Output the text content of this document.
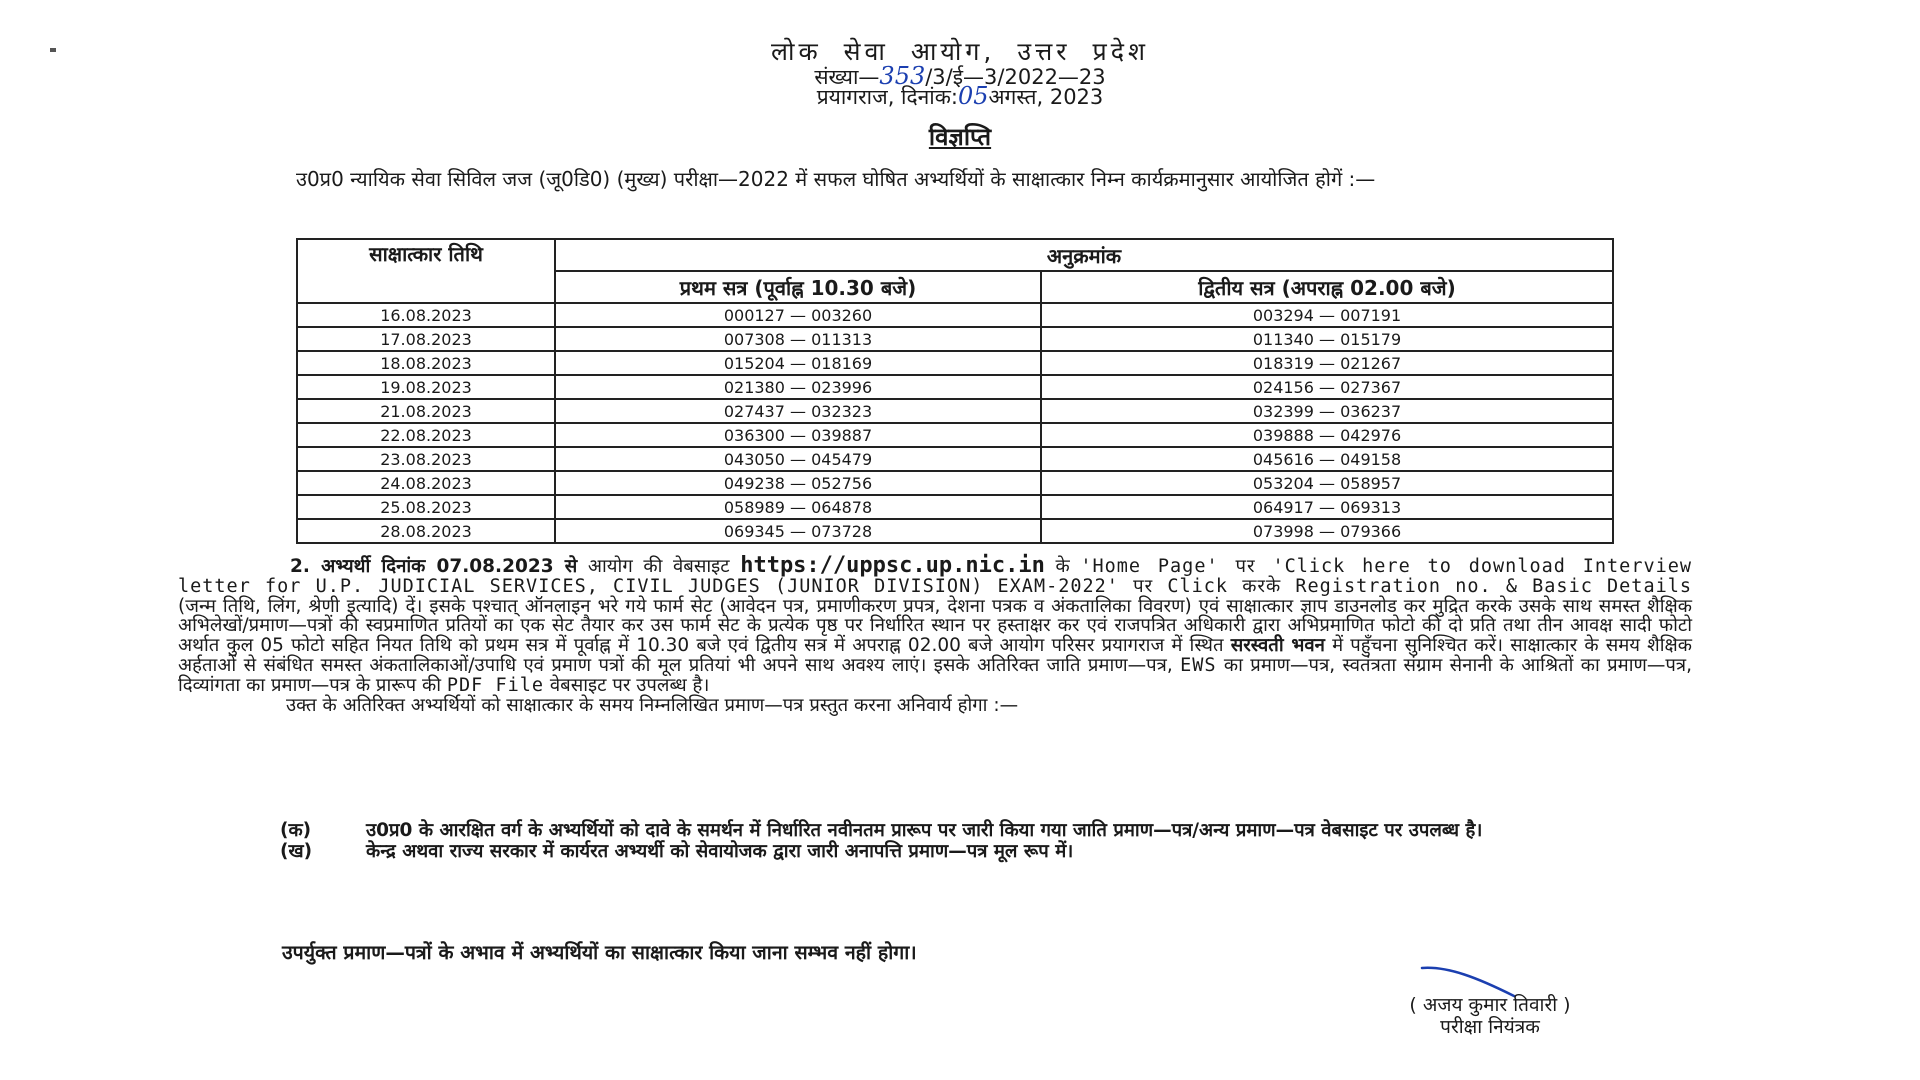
लोक सेवा आयोग, उत्तर प्रदेश
संख्या—353/3/ई—3/2022—23
प्रयागराज, दिनांक:05अगस्त, 2023
विज्ञप्ति
उ0प्र0 न्यायिक सेवा सिविल जज (जू0डि0) (मुख्य) परीक्षा—2022 में सफल घोषित अभ्यर्थियों के साक्षात्कार निम्न कार्यक्रमानुसार आयोजित होगें :—
साक्षात्कार तिथि	अनुक्रमांक	
	प्रथम सत्र (पूर्वाह्न 10.30 बजे)	द्वितीय सत्र (अपराह्न 02.00 बजे)
16.08.2023	000127 — 003260	003294 — 007191
17.08.2023	007308 — 011313	011340 — 015179
18.08.2023	015204 — 018169	018319 — 021267
19.08.2023	021380 — 023996	024156 — 027367
21.08.2023	027437 — 032323	032399 — 036237
22.08.2023	036300 — 039887	039888 — 042976
23.08.2023	043050 — 045479	045616 — 049158
24.08.2023	049238 — 052756	053204 — 058957
25.08.2023	058989 — 064878	064917 — 069313
28.08.2023	069345 — 073728	073998 — 079366
2. अभ्यर्थी दिनांक 07.08.2023 से आयोग की वेबसाइट https://uppsc.up.nic.in के 'Home Page' पर 'Click here to download Interview letter for U.P. JUDICIAL SERVICES, CIVIL JUDGES (JUNIOR DIVISION) EXAM-2022' पर Click करके Registration no. & Basic Details (जन्म तिथि, लिंग, श्रेणी इत्यादि) दें। इसके पश्चात् ऑनलाइन भरे गये फार्म सेट (आवेदन पत्र, प्रमाणीकरण प्रपत्र, देशना पत्रक व अंकतालिका विवरण) एवं साक्षात्कार ज्ञाप डाउनलोड कर मुद्रित करके उसके साथ समस्त शैक्षिक अभिलेखों/प्रमाण—पत्रों की स्वप्रमाणित प्रतियों का एक सेट तैयार कर उस फार्म सेट के प्रत्येक पृष्ठ पर निर्धारित स्थान पर हस्ताक्षर कर एवं राजपत्रित अधिकारी द्वारा अभिप्रमाणित फोटो की दो प्रति तथा तीन आवक्ष सादी फोटो अर्थात कुल 05 फोटो सहित नियत तिथि को प्रथम सत्र में पूर्वाह्न में 10.30 बजे एवं द्वितीय सत्र में अपराह्न 02.00 बजे आयोग परिसर प्रयागराज में स्थित सरस्वती भवन में पहुँचना सुनिश्चित करें। साक्षात्कार के समय शैक्षिक अर्हताओं से संबंधित समस्त अंकतालिकाओं/उपाधि एवं प्रमाण पत्रों की मूल प्रतियां भी अपने साथ अवश्य लाएं। इसके अतिरिक्त जाति प्रमाण—पत्र, EWS का प्रमाण—पत्र, स्वतंत्रता संग्राम सेनानी के आश्रितों का प्रमाण—पत्र, दिव्यांगता का प्रमाण—पत्र के प्रारूप की PDF File वेबसाइट पर उपलब्ध है।
उक्त के अतिरिक्त अभ्यर्थियों को साक्षात्कार के समय निम्नलिखित प्रमाण—पत्र प्रस्तुत करना अनिवार्य होगा :—
(क)	उ0प्र0 के आरक्षित वर्ग के अभ्यर्थियों को दावे के समर्थन में निर्धारित नवीनतम प्रारूप पर जारी किया गया जाति प्रमाण—पत्र/अन्य प्रमाण—पत्र वेबसाइट पर उपलब्ध है।
(ख)	केन्द्र अथवा राज्य सरकार में कार्यरत अभ्यर्थी को सेवायोजक द्वारा जारी अनापत्ति प्रमाण—पत्र मूल रूप में।
उपर्युक्त प्रमाण—पत्रों के अभाव में अभ्यर्थियों का साक्षात्कार किया जाना सम्भव नहीं होगा।
( अजय कुमार तिवारी )
परीक्षा नियंत्रक
